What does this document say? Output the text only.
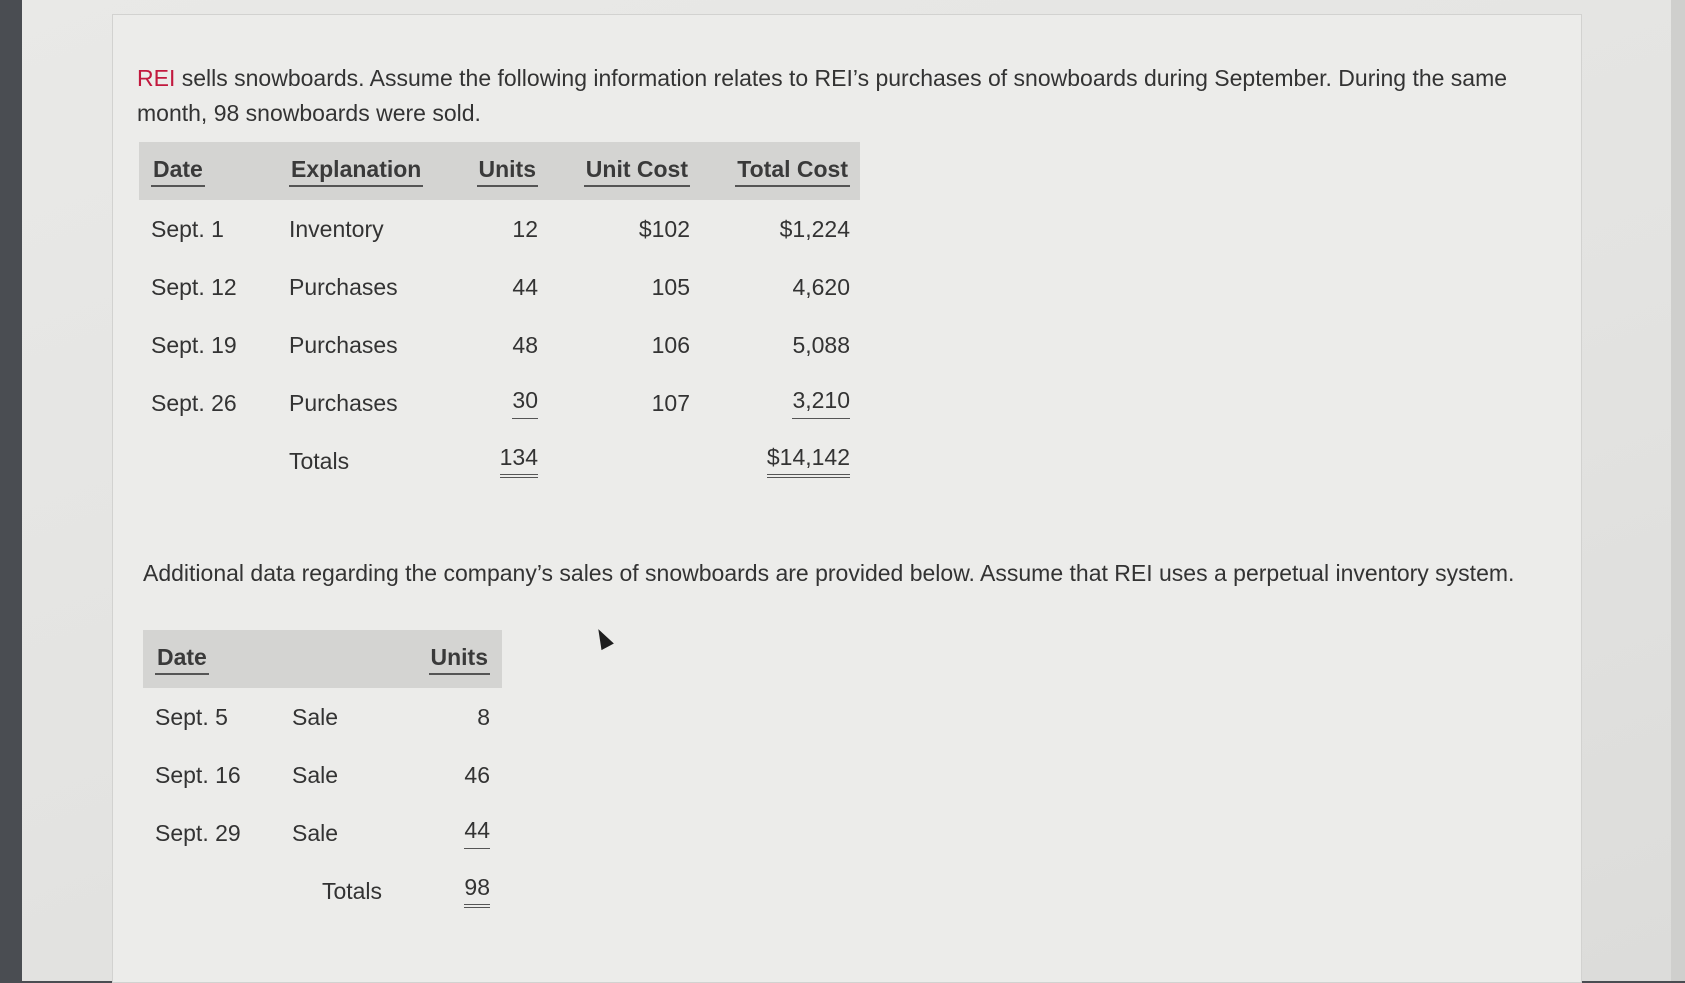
REI sells snowboards. Assume the following information relates to REI’s purchases of snowboards during September. During the same month, 98 snowboards were sold.

Date	Explanation	Units	Unit Cost	Total Cost
Sept. 1	Inventory	12	$102	$1,224
Sept. 12	Purchases	44	105	4,620
Sept. 19	Purchases	48	106	5,088
Sept. 26	Purchases	30	107	3,210
	Totals	134		$14,142
Additional data regarding the company’s sales of snowboards are provided below. Assume that REI uses a perpetual inventory system.
Date		Units
Sept. 5	Sale	8
Sept. 16	Sale	46
Sept. 29	Sale	44
	Totals	98
